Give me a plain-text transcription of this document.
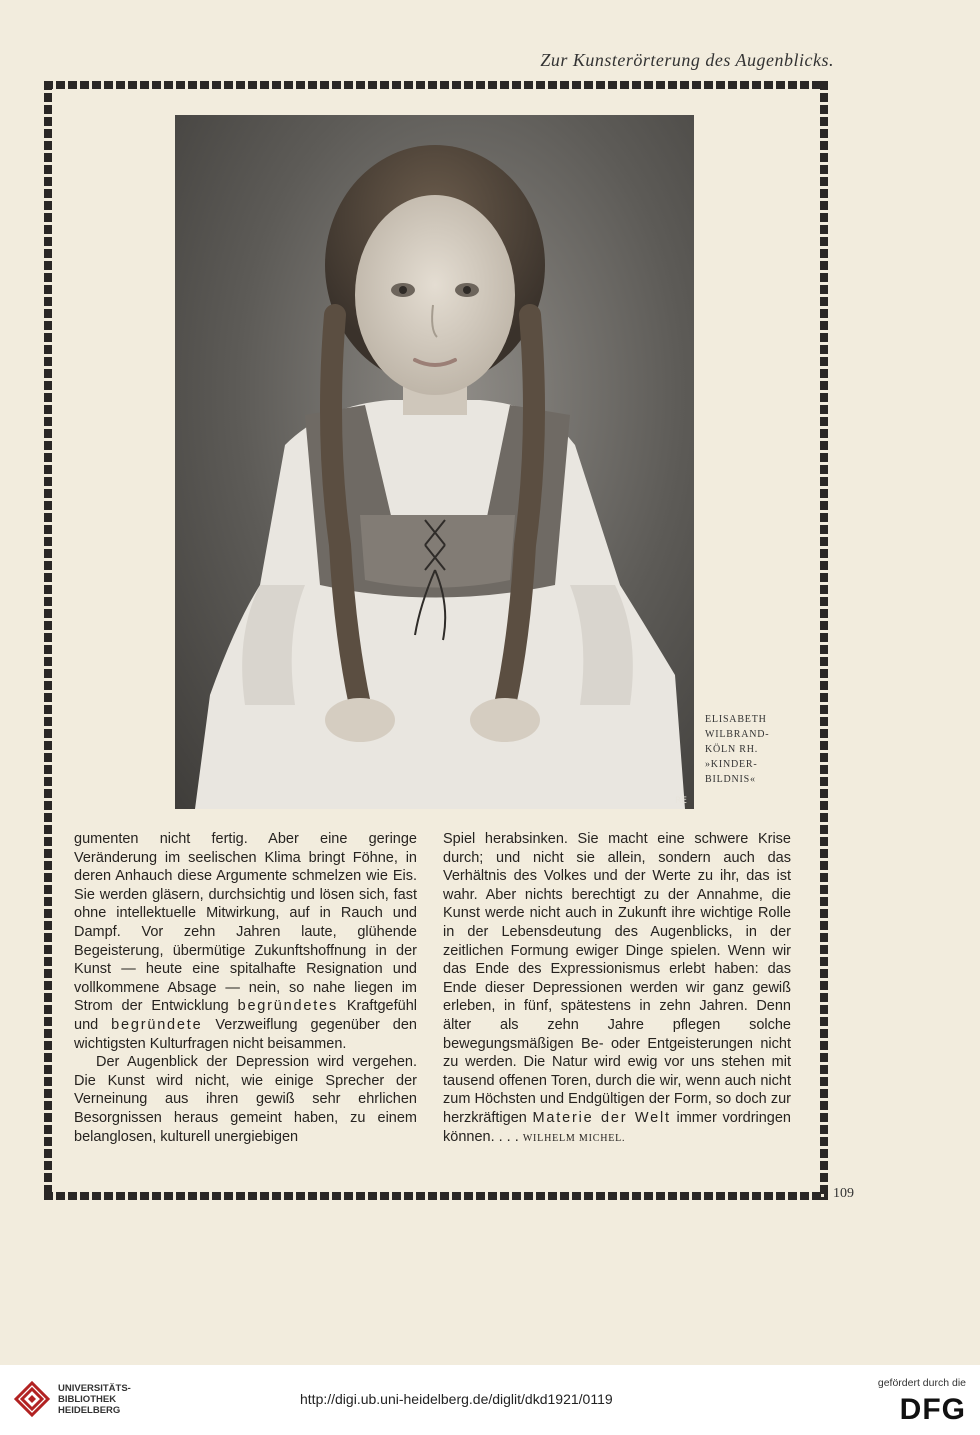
Zur Kunsterörterung des Augenblicks.
RE
ELISABETH
WILBRAND-
KÖLN RH.
»KINDER-
BILDNIS«

gumenten nicht fertig. Aber eine geringe Veränderung im seelischen Klima bringt Föhne, in deren Anhauch diese Argumente schmelzen wie Eis. Sie werden gläsern, durchsichtig und lösen sich, fast ohne intellektuelle Mitwirkung, auf in Rauch und Dampf. Vor zehn Jahren laute, glühende Begeisterung, übermütige Zukunftshoffnung in der Kunst — heute eine spitalhafte Resignation und vollkommene Absage — nein, so nahe liegen im Strom der Entwicklung begründetes Kraftgefühl und begründete Verzweiflung gegenüber den wichtigsten Kulturfragen nicht beisammen.

Der Augenblick der Depression wird vergehen. Die Kunst wird nicht, wie einige Sprecher der Verneinung aus ihren gewiß sehr ehrlichen Besorgnissen heraus gemeint haben, zu einem belanglosen, kulturell unergiebigen

Spiel herabsinken. Sie macht eine schwere Krise durch; und nicht sie allein, sondern auch das Verhältnis des Volkes und der Werte zu ihr, das ist wahr. Aber nichts berechtigt zu der Annahme, die Kunst werde nicht auch in Zukunft ihre wichtige Rolle in der Lebensdeutung des Augenblicks, in der zeitlichen Formung ewiger Dinge spielen. Wenn wir das Ende des Expressionismus erlebt haben: das Ende dieser Depressionen werden wir ganz gewiß erleben, in fünf, spätestens in zehn Jahren. Denn älter als zehn Jahre pflegen solche bewegungsmäßigen Be- oder Entgeisterungen nicht zu werden. Die Natur wird ewig vor uns stehen mit tausend offenen Toren, durch die wir, wenn auch nicht zum Höchsten und Endgültigen der Form, so doch zur herzkräftigen Materie der Welt immer vordringen können. . . . WILHELM MICHEL.

109
UNIVERSITÄTS-
BIBLIOTHEK
HEIDELBERG
http://digi.ub.uni-heidelberg.de/diglit/dkd1921/0119
gefördert durch die
DFG
